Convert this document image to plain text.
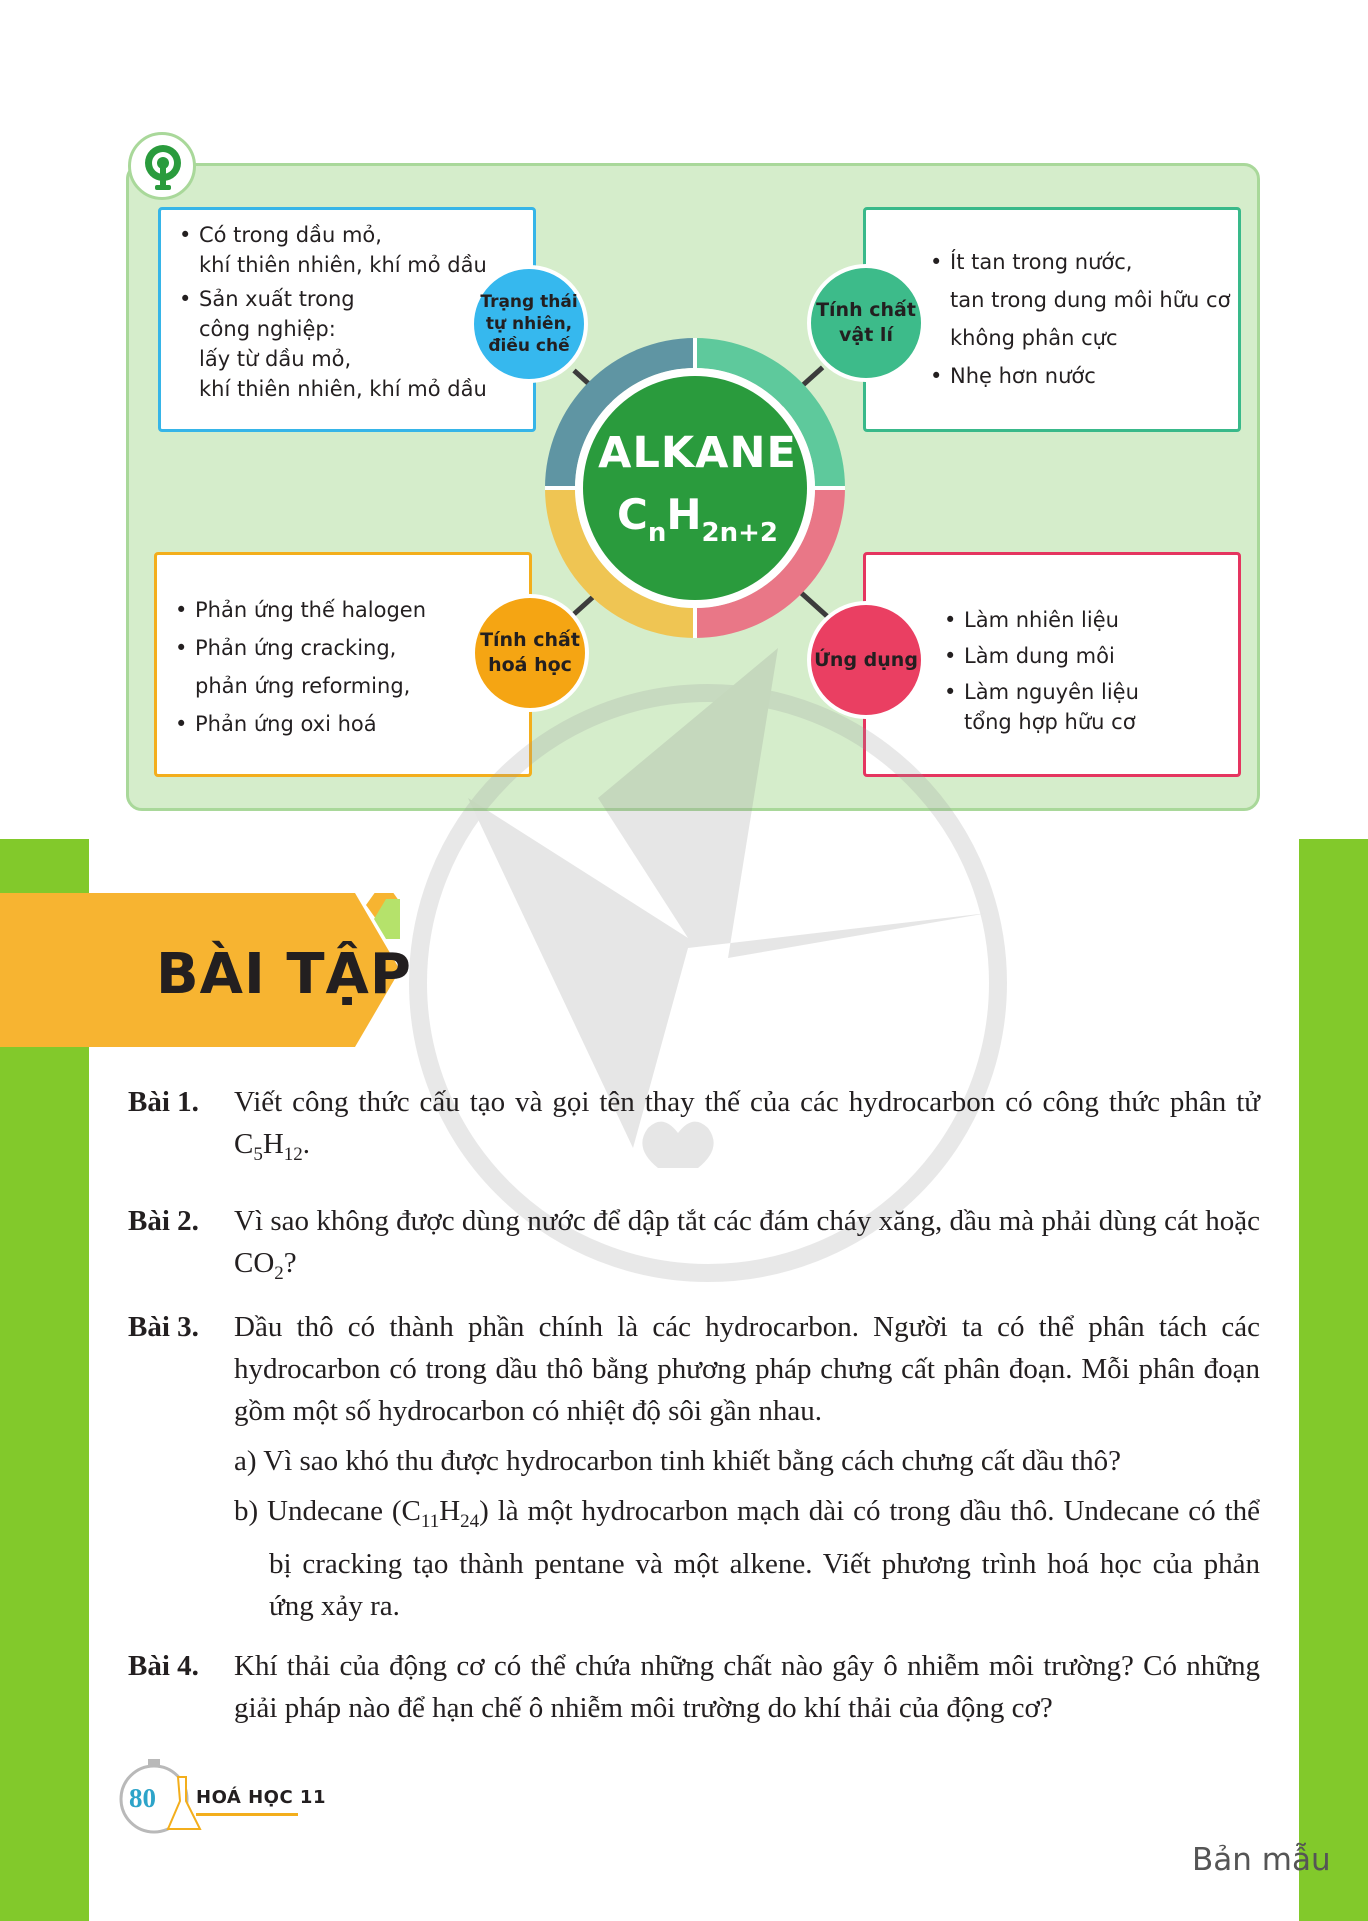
ALKANE
$C_nH_{2n+2}$
• Có trong dầu mỏ,
khí thiên nhiên, khí mỏ dầu
• Sản xuất trong
công nghiệp:
lấy từ dầu mỏ,
khí thiên nhiên, khí mỏ dầu
• Ít tan trong nước,
tan trong dung môi hữu cơ
không phân cực
• Nhẹ hơn nước
• Phản ứng thế halogen
• Phản ứng cracking,
phản ứng reforming,
• Phản ứng oxi hoá
• Làm nhiên liệu
• Làm dung môi
• Làm nguyên liệu
tổng hợp hữu cơ
Trạng thái
tự nhiên,
điều chế
Tính chất
vật lí
Tính chất
hoá học	Ứng dụng
BÀI TẬP
Bài 1. Viết công thức cấu tạo và gọi tên thay thế của các hydrocarbon có công thức phân tử $C_5H_{12}$.
Bài 2. Vì sao không được dùng nước để dập tắt các đám cháy xăng, dầu mà phải dùng cát hoặc $CO_2$?
Bài 3. Dầu thô có thành phần chính là các hydrocarbon. Người ta có thể phân tách các hydrocarbon có trong dầu thô bằng phương pháp chưng cất phân đoạn. Mỗi phân đoạn gồm một số hydrocarbon có nhiệt độ sôi gần nhau.
a) Vì sao khó thu được hydrocarbon tinh khiết bằng cách chưng cất dầu thô?
b) Undecane $(C_{11}H_{24})$ là một hydrocarbon mạch dài có trong dầu thô. Undecane có thể bị cracking tạo thành pentane và một alkene. Viết phương trình hoá học của phản ứng xảy ra.
Bài 4. Khí thải của động cơ có thể chứa những chất nào gây ô nhiễm môi trường? Có những giải pháp nào để hạn chế ô nhiễm môi trường do khí thải của động cơ?
80 HOÁ HỌC 11
Bản mẫu
